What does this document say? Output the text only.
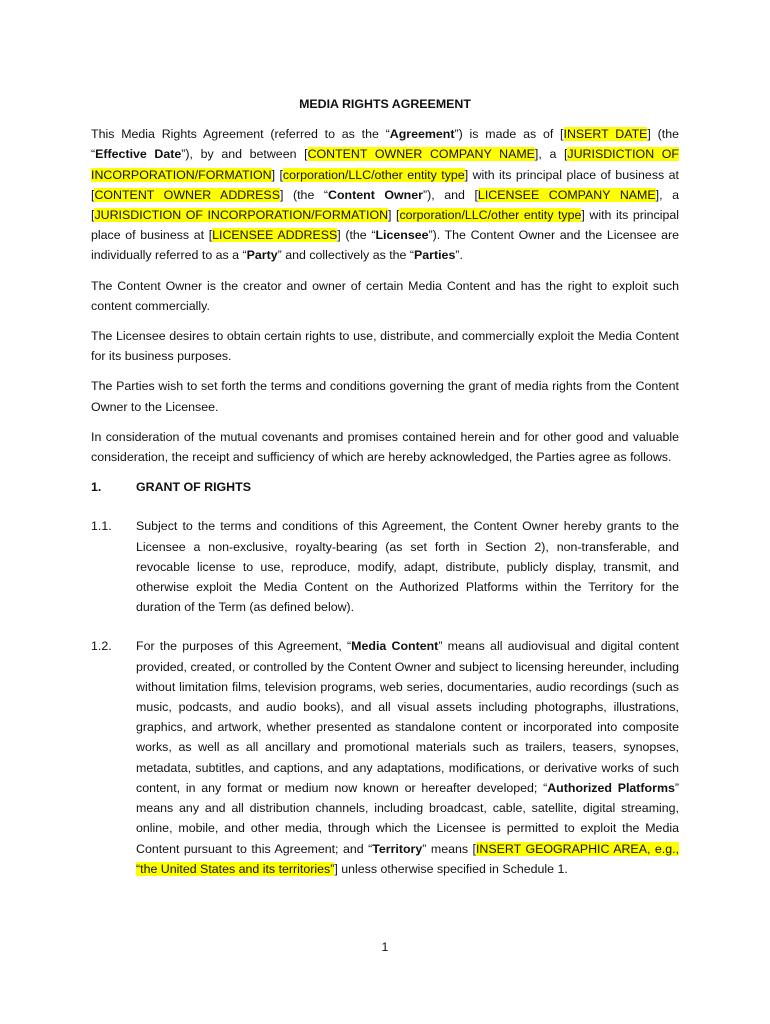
MEDIA RIGHTS AGREEMENT

This Media Rights Agreement (referred to as the “Agreement”) is made as of [INSERT DATE] (the “Effective Date”), by and between [CONTENT OWNER COMPANY NAME], a [JURISDICTION OF INCORPORATION/FORMATION] [corporation/LLC/other entity type] with its principal place of business at [CONTENT OWNER ADDRESS] (the “Content Owner”), and [LICENSEE COMPANY NAME], a [JURISDICTION OF INCORPORATION/FORMATION] [corporation/LLC/other entity type] with its principal place of business at [LICENSEE ADDRESS] (the “Licensee”). The Content Owner and the Licensee are individually referred to as a “Party” and collectively as the “Parties”.

The Content Owner is the creator and owner of certain Media Content and has the right to exploit such content commercially.

The Licensee desires to obtain certain rights to use, distribute, and commercially exploit the Media Content for its business purposes.

The Parties wish to set forth the terms and conditions governing the grant of media rights from the Content Owner to the Licensee.

In consideration of the mutual covenants and promises contained herein and for other good and valuable consideration, the receipt and sufficiency of which are hereby acknowledged, the Parties agree as follows.

1.	GRANT OF RIGHTS
1.1.	Subject to the terms and conditions of this Agreement, the Content Owner hereby grants to the Licensee a non-exclusive, royalty-bearing (as set forth in Section 2), non-transferable, and revocable license to use, reproduce, modify, adapt, distribute, publicly display, transmit, and otherwise exploit the Media Content on the Authorized Platforms within the Territory for the duration of the Term (as defined below).
1.2.	For the purposes of this Agreement, “Media Content” means all audiovisual and digital content provided, created, or controlled by the Content Owner and subject to licensing hereunder, including without limitation films, television programs, web series, documentaries, audio recordings (such as music, podcasts, and audio books), and all visual assets including photographs, illustrations, graphics, and artwork, whether presented as standalone content or incorporated into composite works, as well as all ancillary and promotional materials such as trailers, teasers, synopses, metadata, subtitles, and captions, and any adaptations, modifications, or derivative works of such content, in any format or medium now known or hereafter developed; “Authorized Platforms” means any and all distribution channels, including broadcast, cable, satellite, digital streaming, online, mobile, and other media, through which the Licensee is permitted to exploit the Media Content pursuant to this Agreement; and “Territory” means [INSERT GEOGRAPHIC AREA, e.g., “the United States and its territories”] unless otherwise specified in Schedule 1.
1
